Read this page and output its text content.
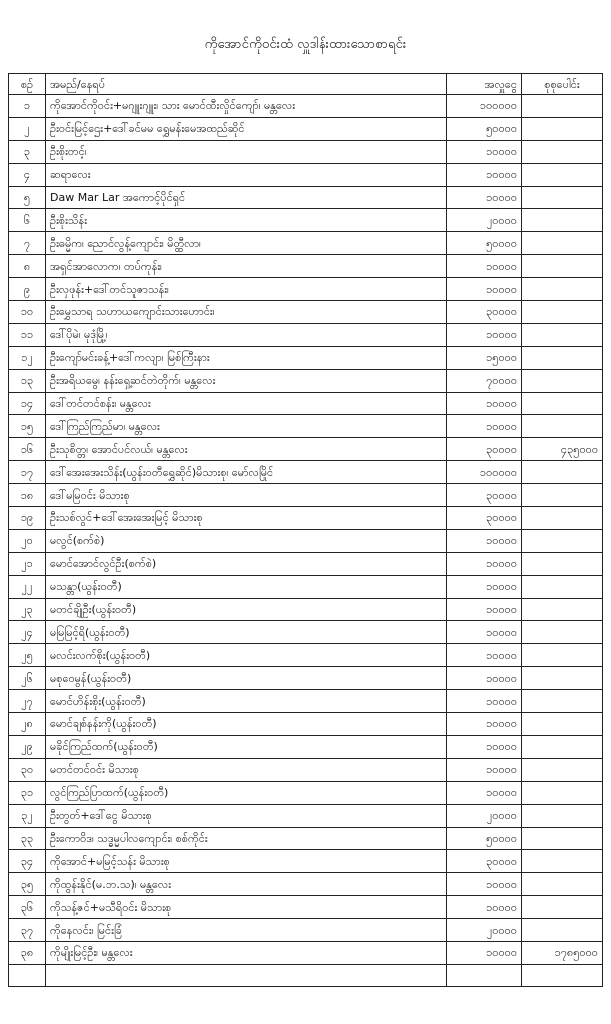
ကိုအောင်ကိုဝင်းထံ လှူဒါန်းထားသောစာရင်း
စဉ်	အမည်/နေရပ်	အလှူငွေ	စုစုပေါင်း
၁	ကိုအောင်ကိုဝင်း+မဂျူးဂျူး၊ သား မောင်ထီးလှိုင်ကျော်၊ မန္တလေး	၁၀၀၀၀၀	
၂	ဦးဝင်းမြင့်ဌေး+ဒေါ်ခင်မမ ရွှေမန်းမေအထည်ဆိုင်	၅၀၀၀၀	
၃	ဦးစိုးတင့်၊	၁၀၀၀၀	
၄	ဆရာလေး	၁၀၀၀၀	
၅	Daw Mar Lar အကောင့်ပိုင်ရှင်	၁၀၀၀၀	
၆	ဦးစိုးသိန်း	၂၀၀၀၀	
၇	ဦးဓမ္မိက၊ ညောင်လွန့်ကျောင်း၊ မိတ္ထီလာ၊	၅၀၀၀၀	
၈	အရှင်အာလောက၊ တပ်ကုန်း၊	၁၀၀၀၀	
၉	ဦးလှဖုန်း+ဒေါ်တင်သူဇာသန်း၊	၁၀၀၀၀	
၁၀	ဦးမွှေသာရ သဟာယကျောင်းသားဟောင်း၊	၃၀၀၀၀	
၁၁	ဒေါ်ပိုမဲ၊ မုဒုံမြို့၊	၁၀၀၀၀	
၁၂	ဦးကျော်မင်းခန့်+ဒေါ်ကလျာ၊ မြစ်ကြီးနား	၁၅၀၀၀	
၁၃	ဦးအရိယမွေ၊ နန်းရှေ့ဆင်တဲတိုက်၊ မန္တလေး	၇၀၀၀၀	
၁၄	ဒေါ်တင်တင်စန်း၊ မန္တလေး	၁၀၀၀၀	
၁၅	ဒေါ်ကြည်ကြည်မာ၊ မန္တလေး	၁၀၀၀၀	
၁၆	ဦးသုစိတ္တ၊ အောင်ပင်လယ်၊ မန္တလေး	၃၀၀၀၀	၄၃၅၀၀၀
၁၇	ဒေါ်အေးအေးသိန်း(ယွန်းဝတီရွှေဆိုင်)မိသားစု၊ မော်လမြိုင်	၁၀၀၀၀၀	
၁၈	ဒေါ်မမြဝင်း မိသားစု	၃၀၀၀၀	
၁၉	ဦးသစ်လွင်+ဒေါ်အေးအေးမြင့် မိသားစု	၃၀၀၀၀	
၂၀	မလွင်(စက်စဲ)	၁၀၀၀၀	
၂၁	မောင်အောင်လွင်ဦး(စက်စဲ)	၁၀၀၀၀	
၂၂	မသန္တာ(ယွန်းဝတီ)	၁၀၀၀၀	
၂၃	မတင်ချိုဦး(ယွန်းဝတီ)	၁၀၀၀၀	
၂၄	မမြမြင့်ရိ(ယွန်းဝတီ)	၁၀၀၀၀	
၂၅	မလင်းလက်စိုး(ယွန်းဝတီ)	၁၀၀၀၀	
၂၆	မစုဝေမွန်(ယွန်းဝတီ)	၁၀၀၀၀	
၂၇	မောင်ဟိန်းစိုး(ယွန်းဝတီ)	၁၀၀၀၀	
၂၈	မောင်ချစ်နန်းကို(ယွန်းဝတီ)	၁၀၀၀၀	
၂၉	မခိုင်ကြည်ထက်(ယွန်းဝတီ)	၁၀၀၀၀	
၃၀	မတင်တင်ဝင်း မိသားစု	၁၀၀၀၀	
၃၁	လွင်ကြည်ပြာထက်(ယွန်းဝတီ)	၁၀၀၀၀	
၃၂	ဦးတွတ်+ဒေါ်ငွေ မိသားစု	၂၀၀၀၀	
၃၃	ဦးကောဝိဒ၊ သဒ္ဓမ္မပါလကျောင်း၊ စစ်ကိုင်း	၅၀၀၀၀	
၃၄	ကိုအောင်+မမြင့်သန်း မိသားစု	၃၀၀၀၀	
၃၅	ကိုထွန်းနိုင်(မ.ဘ.သ)၊ မန္တလေး	၁၀၀၀၀	
၃၆	ကိုသန့်ဇင်+မသီရိဝင်း မိသားစု	၁၀၀၀၀	
၃၇	ကိုနေလင်း၊ မြင်းခြံ	၂၀၀၀၀	
၃၈	ကိုမျိုးမြင့်ဦး၊ မန္တလေး	၁၀၀၀၀	၁၇၈၅၀၀၀
